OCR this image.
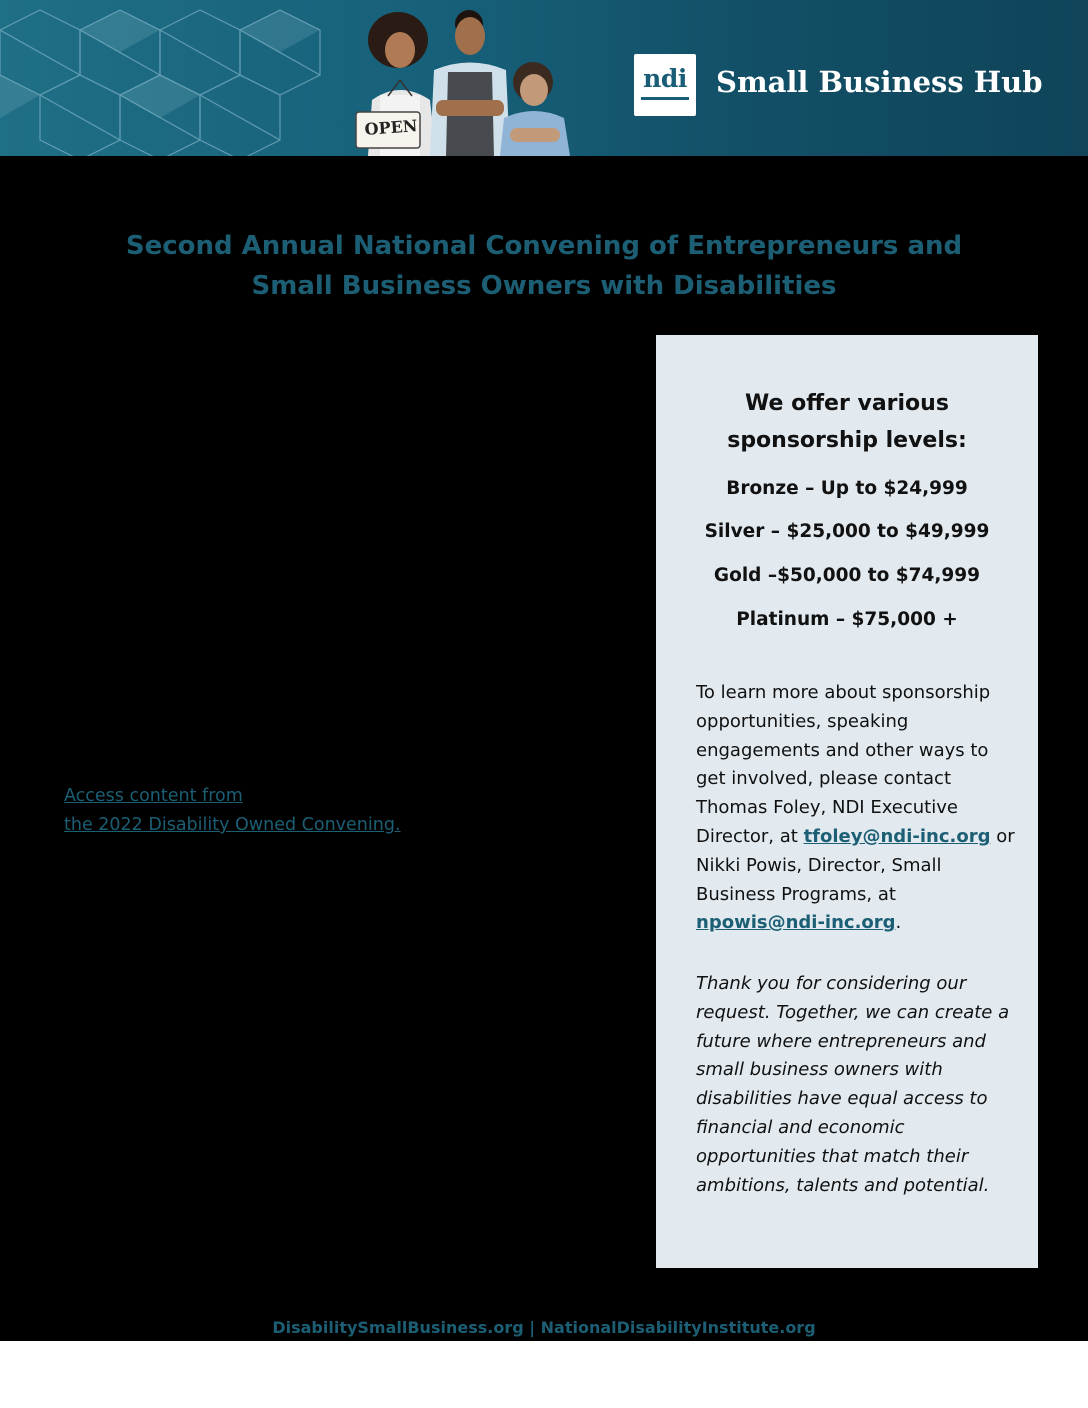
OPEN
ndi Small Business Hub
Second Annual National Convening of Entrepreneurs and
Small Business Owners with Disabilities
Access content from
the 2022 Disability Owned Convening.
We offer various
sponsorship levels:
Bronze – Up to $24,999
Silver – $25,000 to $49,999
Gold –$50,000 to $74,999
Platinum – $75,000 +
To learn more about sponsorship opportunities, speaking engagements and other ways to get involved, please contact Thomas Foley, NDI Executive Director, at tfoley@ndi-inc.org or Nikki Powis, Director, Small Business Programs, at npowis@ndi-inc.org.
Thank you for considering our request. Together, we can create a future where entrepreneurs and small business owners with disabilities have equal access to financial and economic opportunities that match their ambitions, talents and potential.
DisabilitySmallBusiness.org | NationalDisabilityInstitute.org
